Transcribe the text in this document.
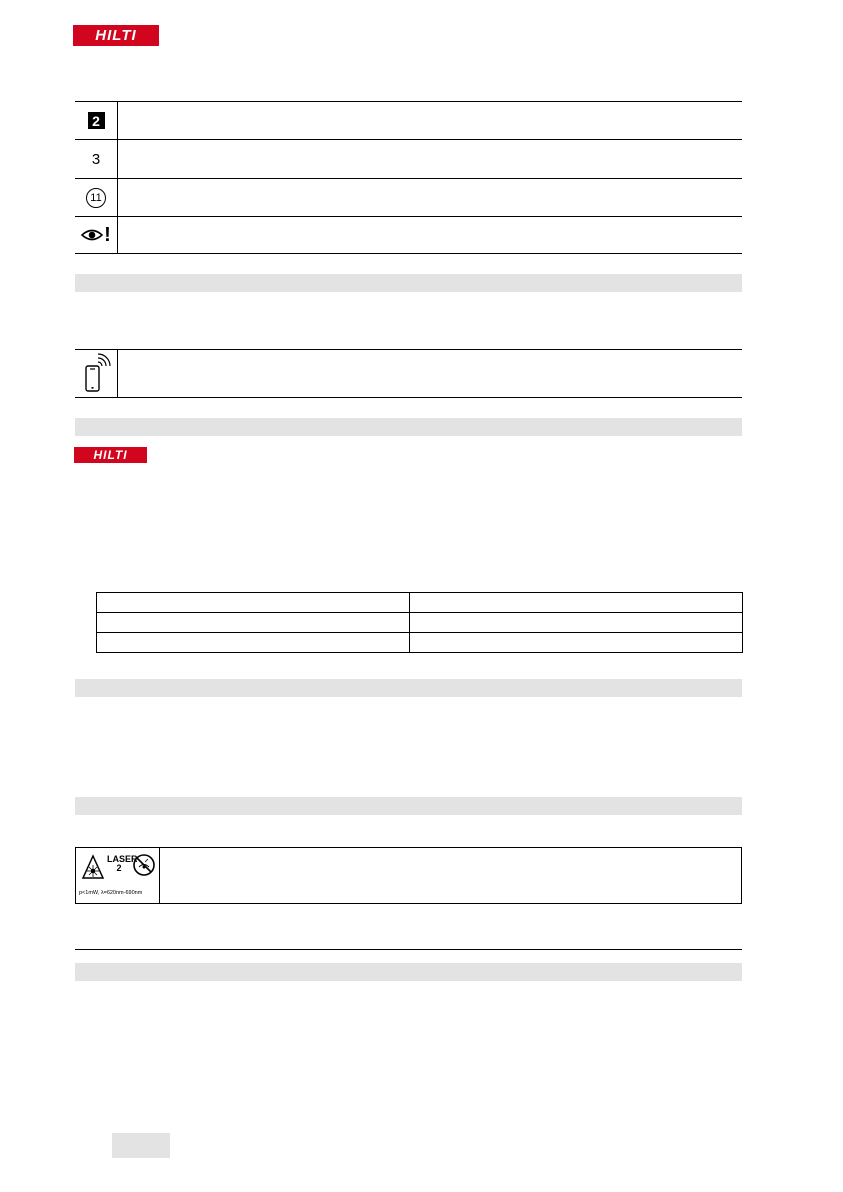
HILTI
2
3
11
!
HILTI

LASER
2
p<1mW, λ=620nm-690nm
